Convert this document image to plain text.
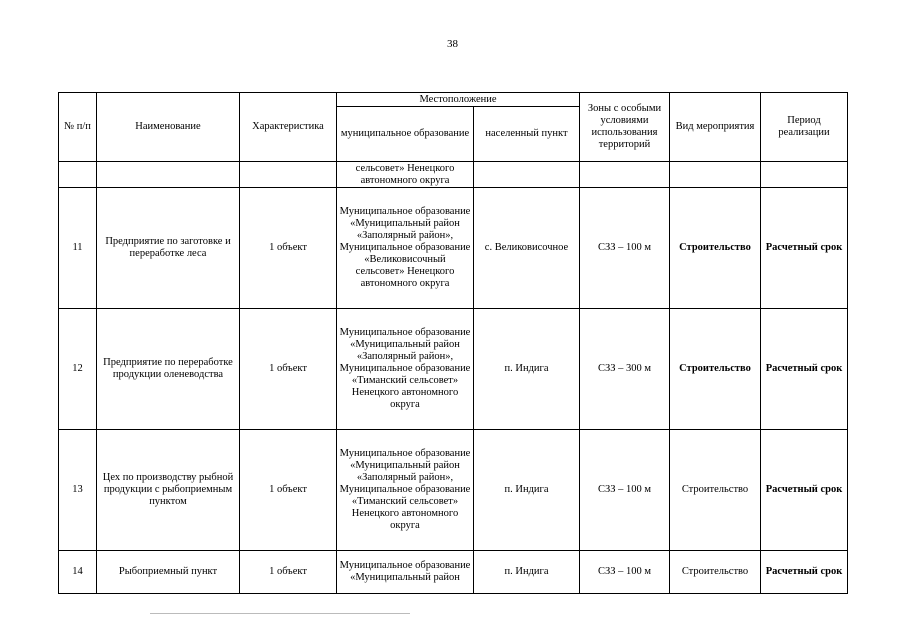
38
№ п/п	Наименование	Характеристика	Местоположение		Зоны с особыми условиями использования территорий	Вид мероприятия	Период реализации
			муниципальное образование	населенный пункт			
			сельсовет» Ненецкого автономного округа				
11	Предприятие по заготовке и переработке леса	1 объект	Муниципальное образование «Муниципальный район «Заполярный район», Муниципальное образование «Великовисочный сельсовет» Ненецкого автономного округа	с. Великовисочное	СЗЗ – 100 м	Строительство	Расчетный срок
12	Предприятие по переработке продукции оленеводства	1 объект	Муниципальное образование «Муниципальный район «Заполярный район», Муниципальное образование «Тиманский сельсовет» Ненецкого автономного округа	п. Индига	СЗЗ – 300 м	Строительство	Расчетный срок
13	Цех по производству рыбной продукции с рыбоприемным пунктом	1 объект	Муниципальное образование «Муниципальный район «Заполярный район», Муниципальное образование «Тиманский сельсовет» Ненецкого автономного округа	п. Индига	СЗЗ – 100 м	Строительство	Расчетный срок
14	Рыбоприемный пункт	1 объект	Муниципальное образование «Муниципальный район	п. Индига	СЗЗ – 100 м	Строительство	Расчетный срок
